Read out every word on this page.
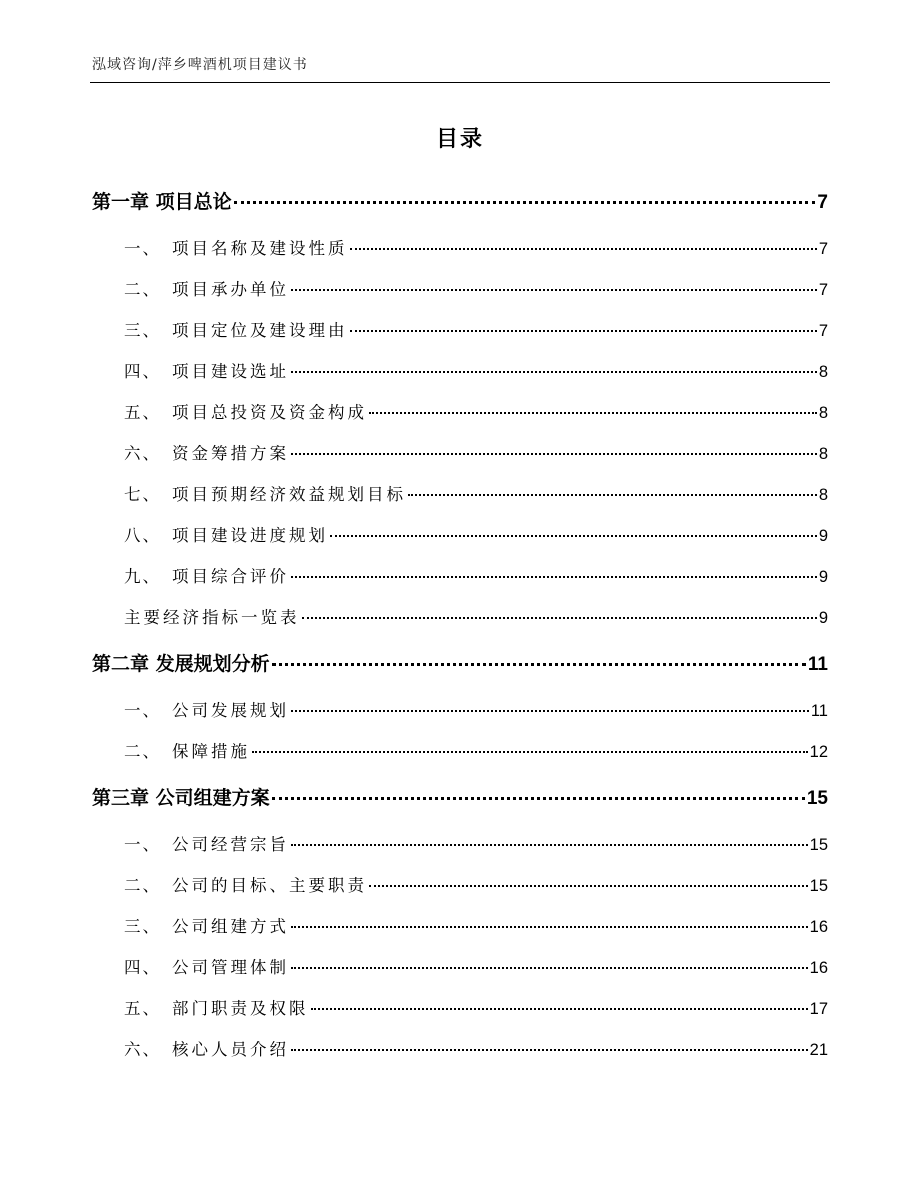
泓域咨询/萍乡啤酒机项目建议书
目录
第一章 项目总论	7
一、 项目名称及建设性质	7
二、 项目承办单位	7
三、 项目定位及建设理由	7
四、 项目建设选址	8
五、 项目总投资及资金构成	8
六、 资金筹措方案	8
七、 项目预期经济效益规划目标	8
八、 项目建设进度规划	9
九、 项目综合评价	9
主要经济指标一览表	9
第二章 发展规划分析	11
一、 公司发展规划	11
二、 保障措施	12
第三章 公司组建方案	15
一、 公司经营宗旨	15
二、 公司的目标、主要职责	15
三、 公司组建方式	16
四、 公司管理体制	16
五、 部门职责及权限	17
六、 核心人员介绍	21
